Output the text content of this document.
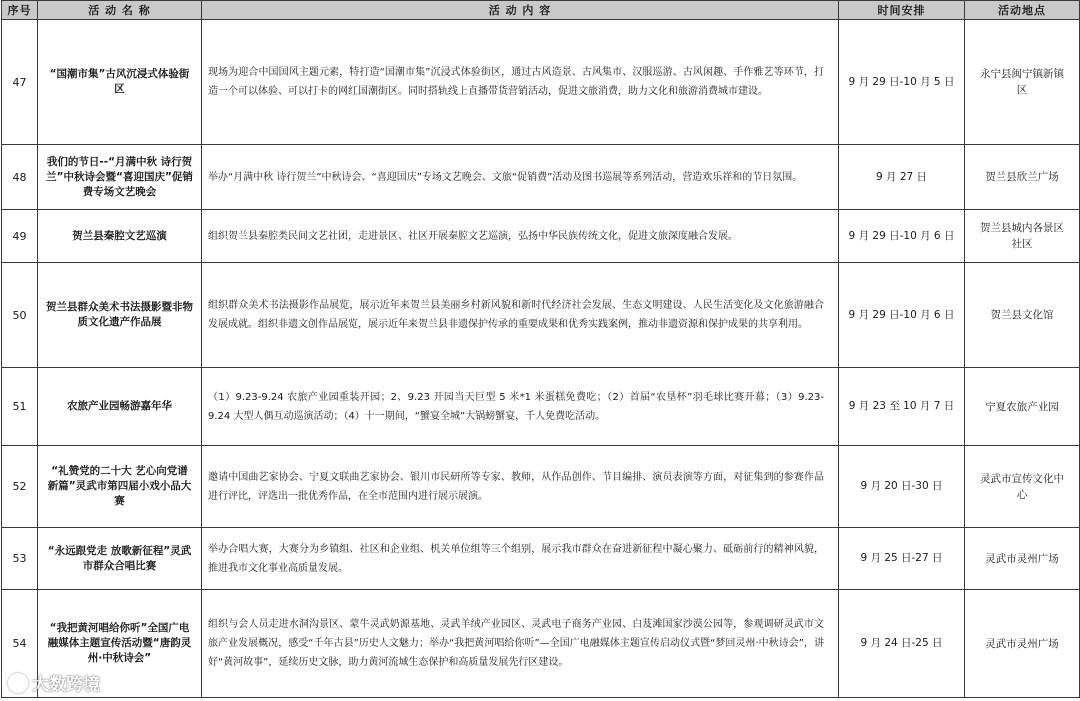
序号	活 动 名 称	活 动 内 容	时间安排	活动地点
47	“国潮市集”古风沉浸式体验街区	现场为迎合中国国风主题元素，特打造“国潮市集”沉浸式体验街区，通过古风造景、古风集市、汉服巡游、古风闲趣、手作雅艺等环节，打造一个可以体验、可以打卡的网红国潮街区。同时搭轨线上直播带货营销活动，促进文旅消费，助力文化和旅游消费城市建设。	9 月 29 日-10 月 5 日	永宁县闽宁镇新镇区
48	我们的节日--“月满中秋 诗行贺兰”中秋诗会暨“喜迎国庆”促销费专场文艺晚会	举办“月满中秋 诗行贺兰”中秋诗会、“喜迎国庆”专场文艺晚会、文旅“促销费”活动及图书巡展等系列活动，营造欢乐祥和的节日氛围。	9 月 27 日	贺兰县欣兰广场
49	贺兰县秦腔文艺巡演	组织贺兰县秦腔类民间文艺社团，走进景区、社区开展秦腔文艺巡演，弘扬中华民族传统文化，促进文旅深度融合发展。	9 月 29 日-10 月 6 日	贺兰县城内各景区 社区
50	贺兰县群众美术书法摄影暨非物质文化遗产作品展	组织群众美术书法摄影作品展览，展示近年来贺兰县美丽乡村新风貌和新时代经济社会发展、生态文明建设、人民生活变化及文化旅游融合发展成就。组织非遗文创作品展览，展示近年来贺兰县非遗保护传承的重要成果和优秀实践案例，推动非遗资源和保护成果的共享利用。	9 月 29 日-10 月 6 日	贺兰县文化馆
51	农旅产业园畅游嘉年华	（1）9.23-9.24 农旅产业园重装开园；2、9.23 开园当天巨型 5 米*1 米蛋糕免费吃；（2）首届“农垦杯”羽毛球比赛开幕；（3）9.23-9.24 大型人偶互动巡演活动；（4）十一期间，“蟹宴全城”大锅螃蟹宴，千人免费吃活动。	9 月 23 至 10 月 7 日	宁夏农旅产业园
52	“礼赞党的二十大 艺心向党谱新篇”灵武市第四届小戏小品大赛	邀请中国曲艺家协会、宁夏文联曲艺家协会、银川市民研所等专家、教师，从作品创作、节目编排、演员表演等方面，对征集到的参赛作品进行评比，评选出一批优秀作品，在全市范围内进行展示展演。	9 月 20 日-30 日	灵武市宣传文化中心
53	“永远跟党走 放歌新征程”灵武市群众合唱比赛	举办合唱大赛，大赛分为乡镇组、社区和企业组、机关单位组等三个组别，展示我市群众在奋进新征程中凝心聚力、砥砺前行的精神风貌，推进我市文化事业高质量发展。	9 月 25 日-27 日	灵武市灵州广场
54	“我把黄河唱给你听”全国广电融媒体主题宣传活动暨“唐韵灵州·中秋诗会”	组织与会人员走进水洞沟景区、蒙牛灵武奶源基地、灵武羊绒产业园区、灵武电子商务产业园、白芨滩国家沙漠公园等，参观调研灵武市文旅产业发展概况，感受“千年古县”历史人文魅力；举办“我把黄河唱给你听”—全国广电融媒体主题宣传启动仪式暨“梦回灵州·中秋诗会”，讲好“黄河故事”，延续历史文脉，助力黄河流域生态保护和高质量发展先行区建设。	9 月 24 日-25 日	灵武市灵州广场
大数跨境
